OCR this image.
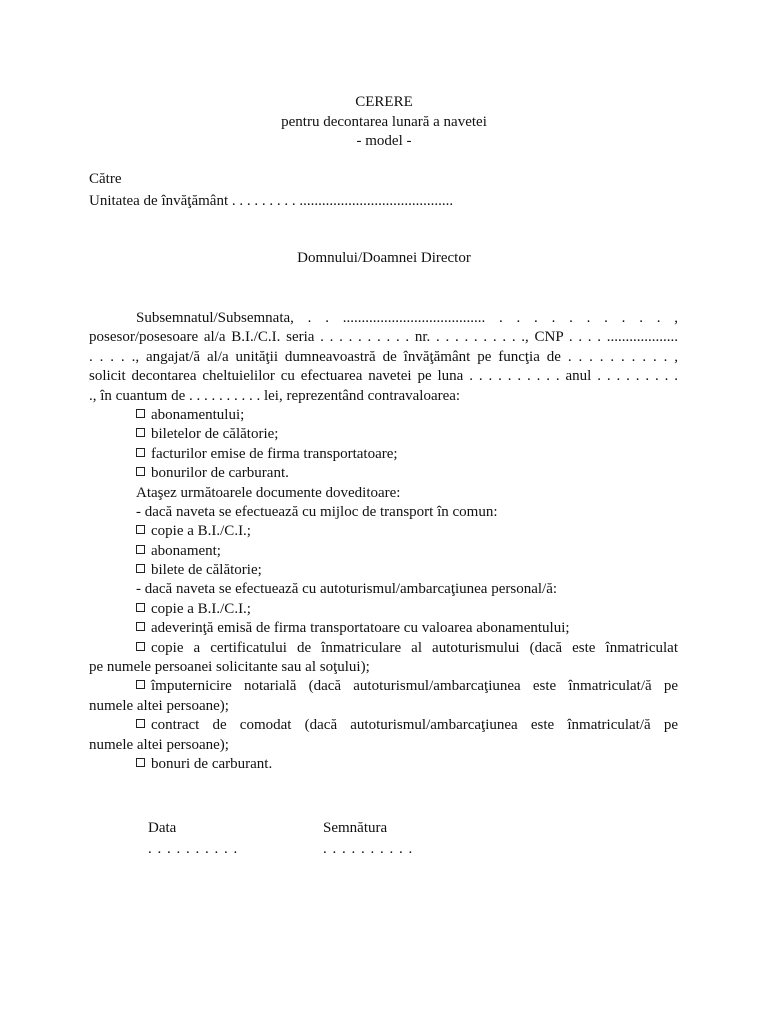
CERERE
pentru decontarea lunară a navetei
- model -
Către
Unitatea de învăţământ . . . . . . . . . .........................................
Domnului/Doamnei Director
Subsemnatul/Subsemnata, . . ...................................... . . . . . . . . . . ,
posesor/posesoare al/a B.I./C.I. seria . . . . . . . . . . nr. . . . . . . . . . ., CNP . . . . ...................
. . . . ., angajat/ă al/a unităţii dumneavoastră de învăţământ pe funcţia de . . . . . . . . . . ,
solicit decontarea cheltuielilor cu efectuarea navetei pe luna . . . . . . . . . . anul . . . . . . . . .
., în cuantum de . . . . . . . . . . lei, reprezentând contravaloarea:
abonamentului;
biletelor de călătorie;
facturilor emise de firma transportatoare;
bonurilor de carburant.
Ataşez următoarele documente doveditoare:
- dacă naveta se efectuează cu mijloc de transport în comun:
copie a B.I./C.I.;
abonament;
bilete de călătorie;
- dacă naveta se efectuează cu autoturismul/ambarcaţiunea personal/ă:
copie a B.I./C.I.;
adeverinţă emisă de firma transportatoare cu valoarea abonamentului;
copie a certificatului de înmatriculare al autoturismului (dacă este înmatriculat
pe numele persoanei solicitante sau al soţului);
împuternicire notarială (dacă autoturismul/ambarcaţiunea este înmatriculat/ă pe
numele altei persoane);
contract de comodat (dacă autoturismul/ambarcaţiunea este înmatriculat/ă pe
numele altei persoane);
bonuri de carburant.
Data	Semnătura
. . . . . . . . . .	. . . . . . . . . .
